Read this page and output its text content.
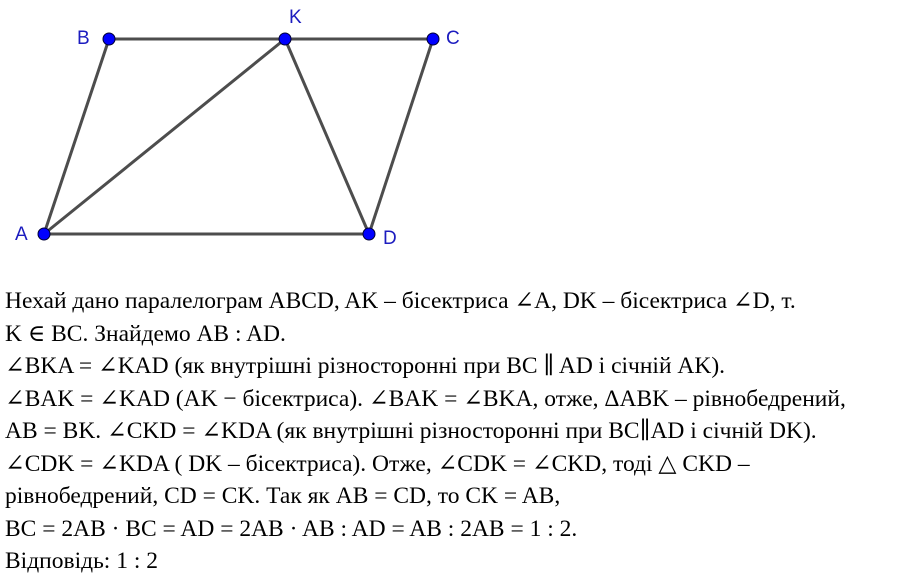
A
B
K
C
D
Нехай дано паралелограм ABCD, AK – бісектриса ∠A, DK – бісектриса ∠D, т.
K ∈ BC. Знайдемо AB : AD.
∠BKA = ∠KAD (як внутрішні різносторонні при BC ∥ AD і січній AK).
∠BAK = ∠KAD (AK − бісектриса). ∠BAK = ∠BKA, отже, ΔABK – рівнобедрений,
AB = BK. ∠CKD = ∠KDA (як внутрішні різносторонні при BC∥AD і січній DK).
∠CDK = ∠KDA ( DK – бісектриса). Отже, ∠CDK = ∠CKD, тоді △ CKD –
рівнобедрений, CD = CK. Так як AB = CD, то CK = AB,
BC = 2AB · BC = AD = 2AB · AB : AD = AB : 2AB = 1 : 2.
Відповідь: 1 : 2
